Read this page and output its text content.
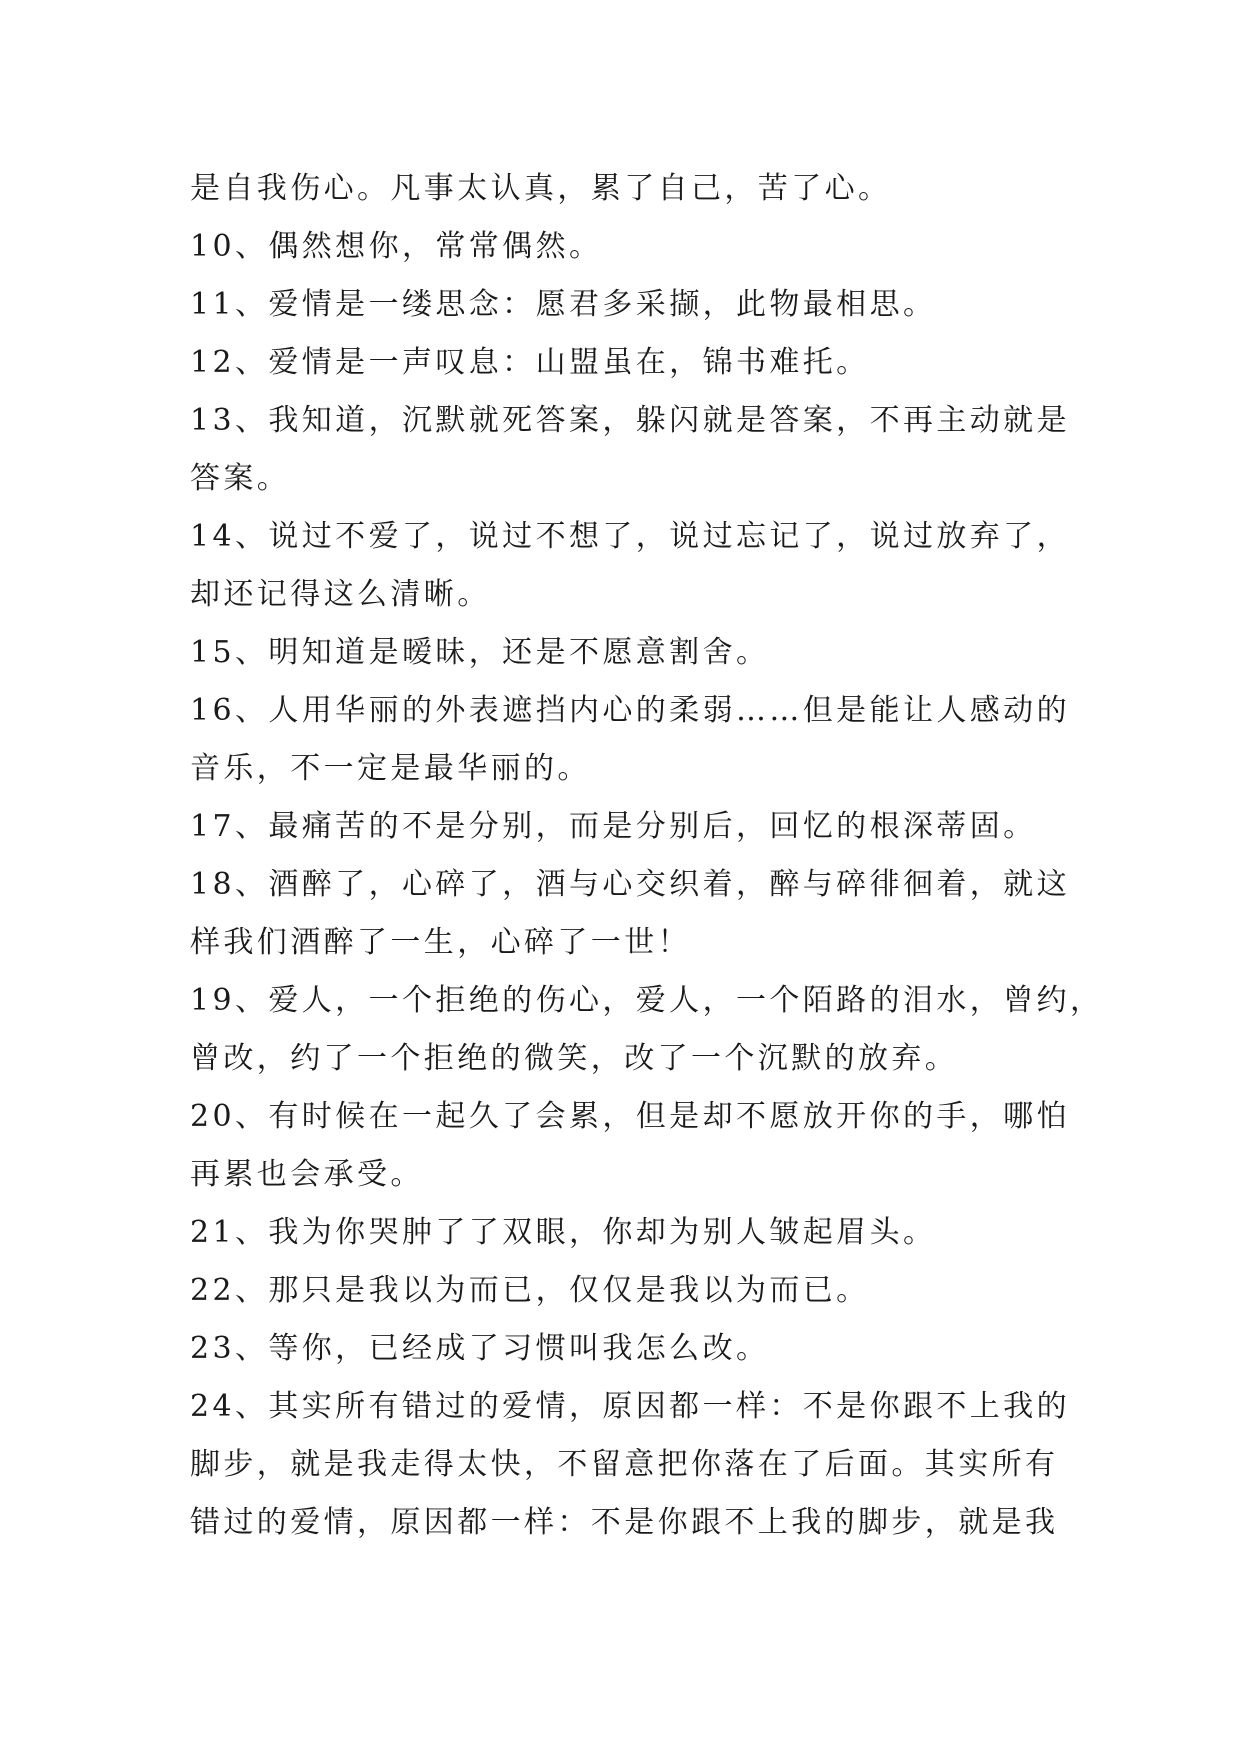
是自我伤心。凡事太认真，累了自己，苦了心。
10、偶然想你，常常偶然。
11、爱情是一缕思念：愿君多采撷，此物最相思。
12、爱情是一声叹息：山盟虽在，锦书难托。
13、我知道，沉默就死答案，躲闪就是答案，不再主动就是
答案。
14、说过不爱了，说过不想了，说过忘记了，说过放弃了，
却还记得这么清晰。
15、明知道是暧昧，还是不愿意割舍。
16、人用华丽的外表遮挡内心的柔弱……但是能让人感动的
音乐，不一定是最华丽的。
17、最痛苦的不是分别，而是分别后，回忆的根深蒂固。
18、酒醉了，心碎了，酒与心交织着，醉与碎徘徊着，就这
样我们酒醉了一生，心碎了一世！
19、爱人，一个拒绝的伤心，爱人，一个陌路的泪水，曾约，
曾改，约了一个拒绝的微笑，改了一个沉默的放弃。
20、有时候在一起久了会累，但是却不愿放开你的手，哪怕
再累也会承受。
21、我为你哭肿了了双眼，你却为别人皱起眉头。
22、那只是我以为而已，仅仅是我以为而已。
23、等你，已经成了习惯叫我怎么改。
24、其实所有错过的爱情，原因都一样：不是你跟不上我的
脚步，就是我走得太快，不留意把你落在了后面。其实所有
错过的爱情，原因都一样：不是你跟不上我的脚步，就是我
